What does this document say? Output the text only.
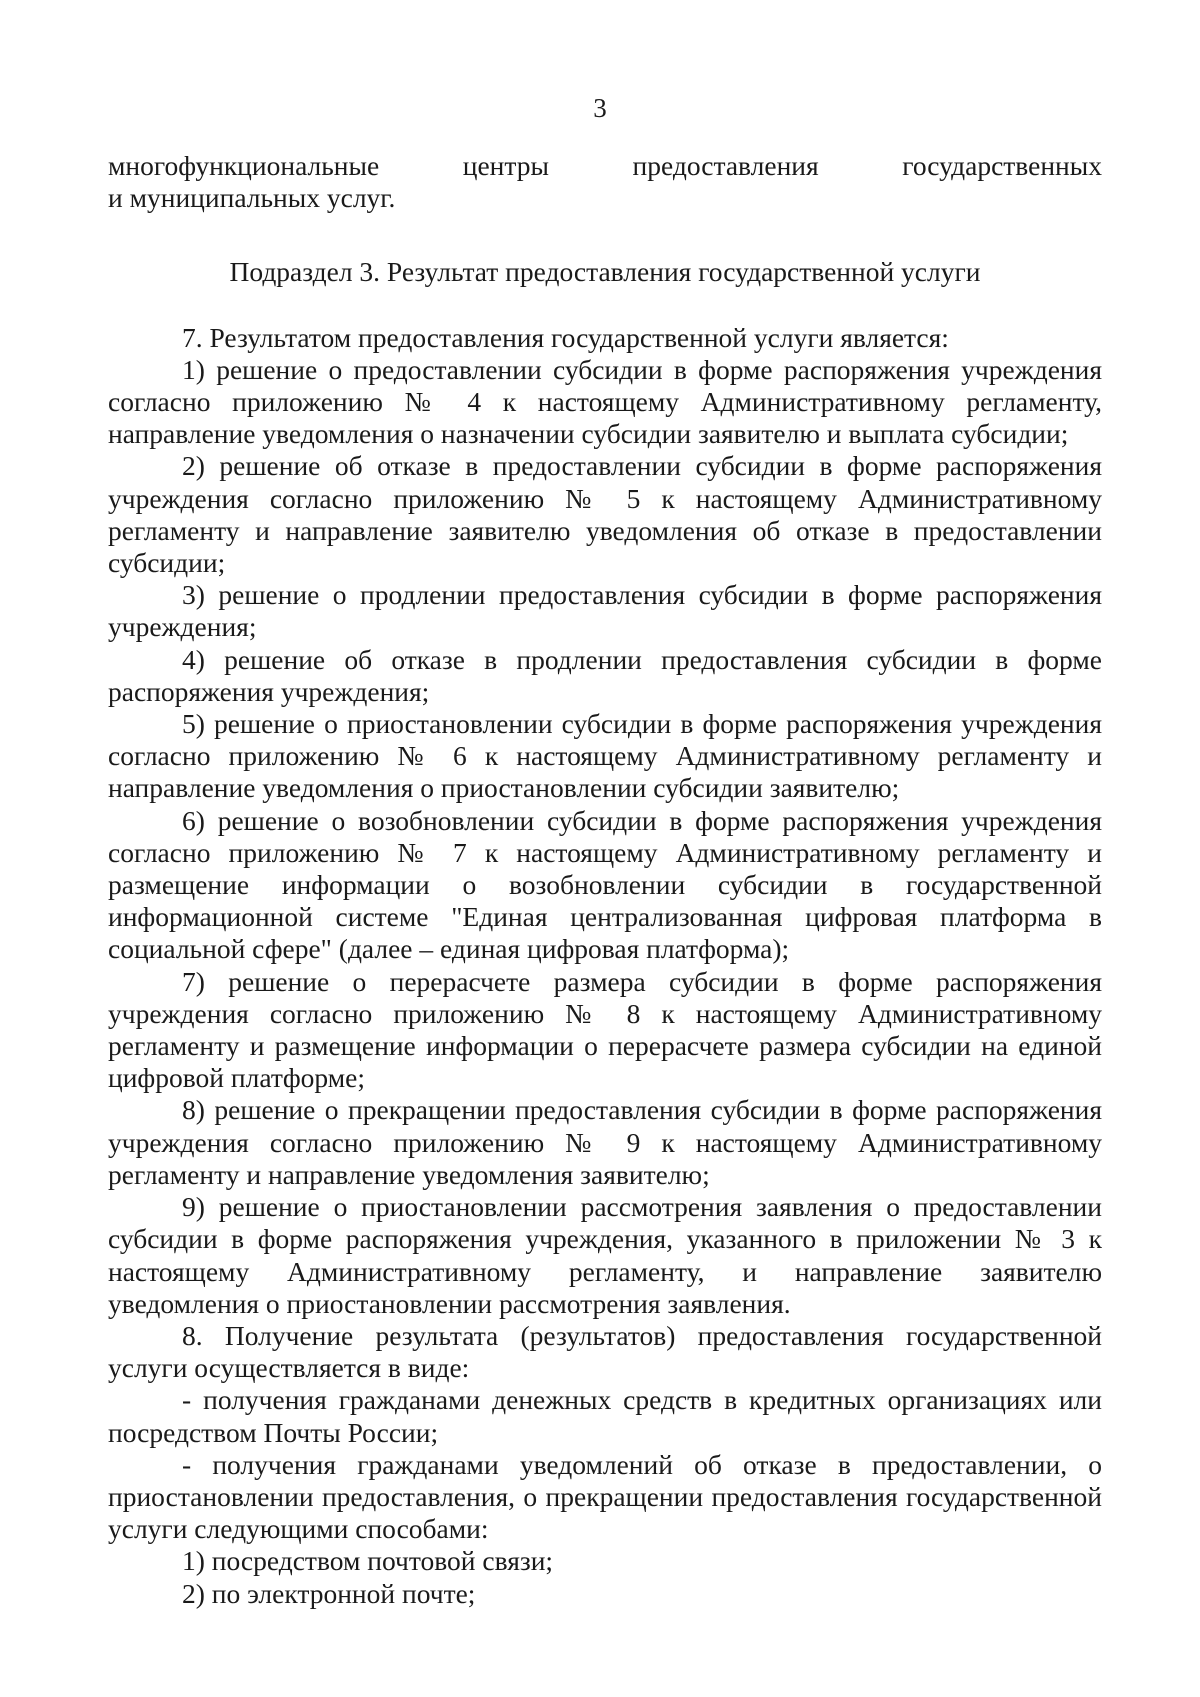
3

многофункциональные центры предоставления государственных

и муниципальных услуг.

Подраздел 3. Результат предоставления государственной услуги

7. Результатом предоставления государственной услуги является:

1) решение о предоставлении субсидии в форме распоряжения учреждения согласно приложению № 4 к настоящему Административному регламенту, направление уведомления о назначении субсидии заявителю и выплата субсидии;

2) решение об отказе в предоставлении субсидии в форме распоряжения учреждения согласно приложению № 5 к настоящему Административному регламенту и направление заявителю уведомления об отказе в предоставлении субсидии;

3) решение о продлении предоставления субсидии в форме распоряжения учреждения;

4) решение об отказе в продлении предоставления субсидии в форме распоряжения учреждения;

5) решение о приостановлении субсидии в форме распоряжения учреждения согласно приложению № 6 к настоящему Административному регламенту и направление уведомления о приостановлении субсидии заявителю;

6) решение о возобновлении субсидии в форме распоряжения учреждения согласно приложению № 7 к настоящему Административному регламенту и размещение информации о возобновлении субсидии в государственной информационной системе "Единая централизованная цифровая платформа в социальной сфере" (далее – единая цифровая платформа);

7) решение о перерасчете размера субсидии в форме распоряжения учреждения согласно приложению № 8 к настоящему Административному регламенту и размещение информации о перерасчете размера субсидии на единой цифровой платформе;

8) решение о прекращении предоставления субсидии в форме распоряжения учреждения согласно приложению № 9 к настоящему Административному регламенту и направление уведомления заявителю;

9) решение о приостановлении рассмотрения заявления о предоставлении субсидии в форме распоряжения учреждения, указанного в приложении № 3 к настоящему Административному регламенту, и направление заявителю уведомления о приостановлении рассмотрения заявления.

8. Получение результата (результатов) предоставления государственной услуги осуществляется в виде:

- получения гражданами денежных средств в кредитных организациях или посредством Почты России;

- получения гражданами уведомлений об отказе в предоставлении, о приостановлении предоставления, о прекращении предоставления государственной услуги следующими способами:

1) посредством почтовой связи;

2) по электронной почте;
